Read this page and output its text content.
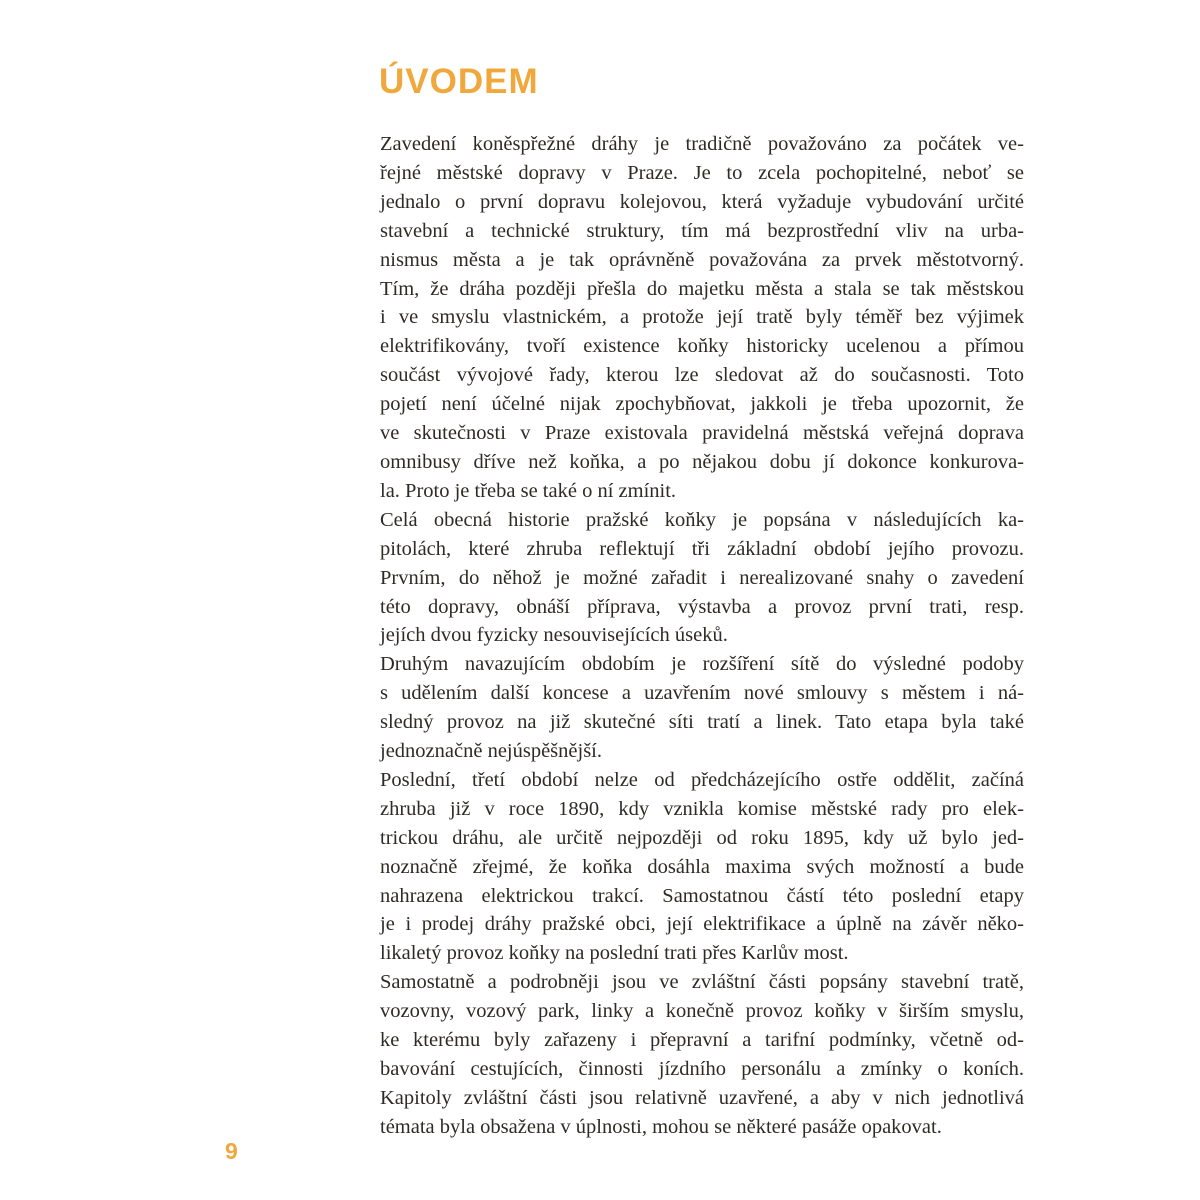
ÚVODEM
Zavedení koněspřežné dráhy je tradičně považováno za počátek ve-
řejné městské dopravy v Praze. Je to zcela pochopitelné, neboť se
jednalo o první dopravu kolejovou, která vyžaduje vybudování určité
stavební a technické struktury, tím má bezprostřední vliv na urba-
nismus města a je tak oprávněně považována za prvek městotvorný.
Tím, že dráha později přešla do majetku města a stala se tak městskou
i ve smyslu vlastnickém, a protože její tratě byly téměř bez výjimek
elektrifikovány, tvoří existence koňky historicky ucelenou a přímou
součást vývojové řady, kterou lze sledovat až do současnosti. Toto
pojetí není účelné nijak zpochybňovat, jakkoli je třeba upozornit, že
ve skutečnosti v Praze existovala pravidelná městská veřejná doprava
omnibusy dříve než koňka, a po nějakou dobu jí dokonce konkurova-
la. Proto je třeba se také o ní zmínit.
Celá obecná historie pražské koňky je popsána v následujících ka-
pitolách, které zhruba reflektují tři základní období jejího provozu.
Prvním, do něhož je možné zařadit i nerealizované snahy o zavedení
této dopravy, obnáší příprava, výstavba a provoz první trati, resp.
jejích dvou fyzicky nesouvisejících úseků.
Druhým navazujícím obdobím je rozšíření sítě do výsledné podoby
s udělením další koncese a uzavřením nové smlouvy s městem i ná-
sledný provoz na již skutečné síti tratí a linek. Tato etapa byla také
jednoznačně nejúspěšnější.
Poslední, třetí období nelze od předcházejícího ostře oddělit, začíná
zhruba již v roce 1890, kdy vznikla komise městské rady pro elek-
trickou dráhu, ale určitě nejpozději od roku 1895, kdy už bylo jed-
noznačně zřejmé, že koňka dosáhla maxima svých možností a bude
nahrazena elektrickou trakcí. Samostatnou částí této poslední etapy
je i prodej dráhy pražské obci, její elektrifikace a úplně na závěr něko-
likaletý provoz koňky na poslední trati přes Karlův most.
Samostatně a podrobněji jsou ve zvláštní části popsány stavební tratě,
vozovny, vozový park, linky a konečně provoz koňky v širším smyslu,
ke kterému byly zařazeny i přepravní a tarifní podmínky, včetně od-
bavování cestujících, činnosti jízdního personálu a zmínky o koních.
Kapitoly zvláštní části jsou relativně uzavřené, a aby v nich jednotlivá
témata byla obsažena v úplnosti, mohou se některé pasáže opakovat.
9
